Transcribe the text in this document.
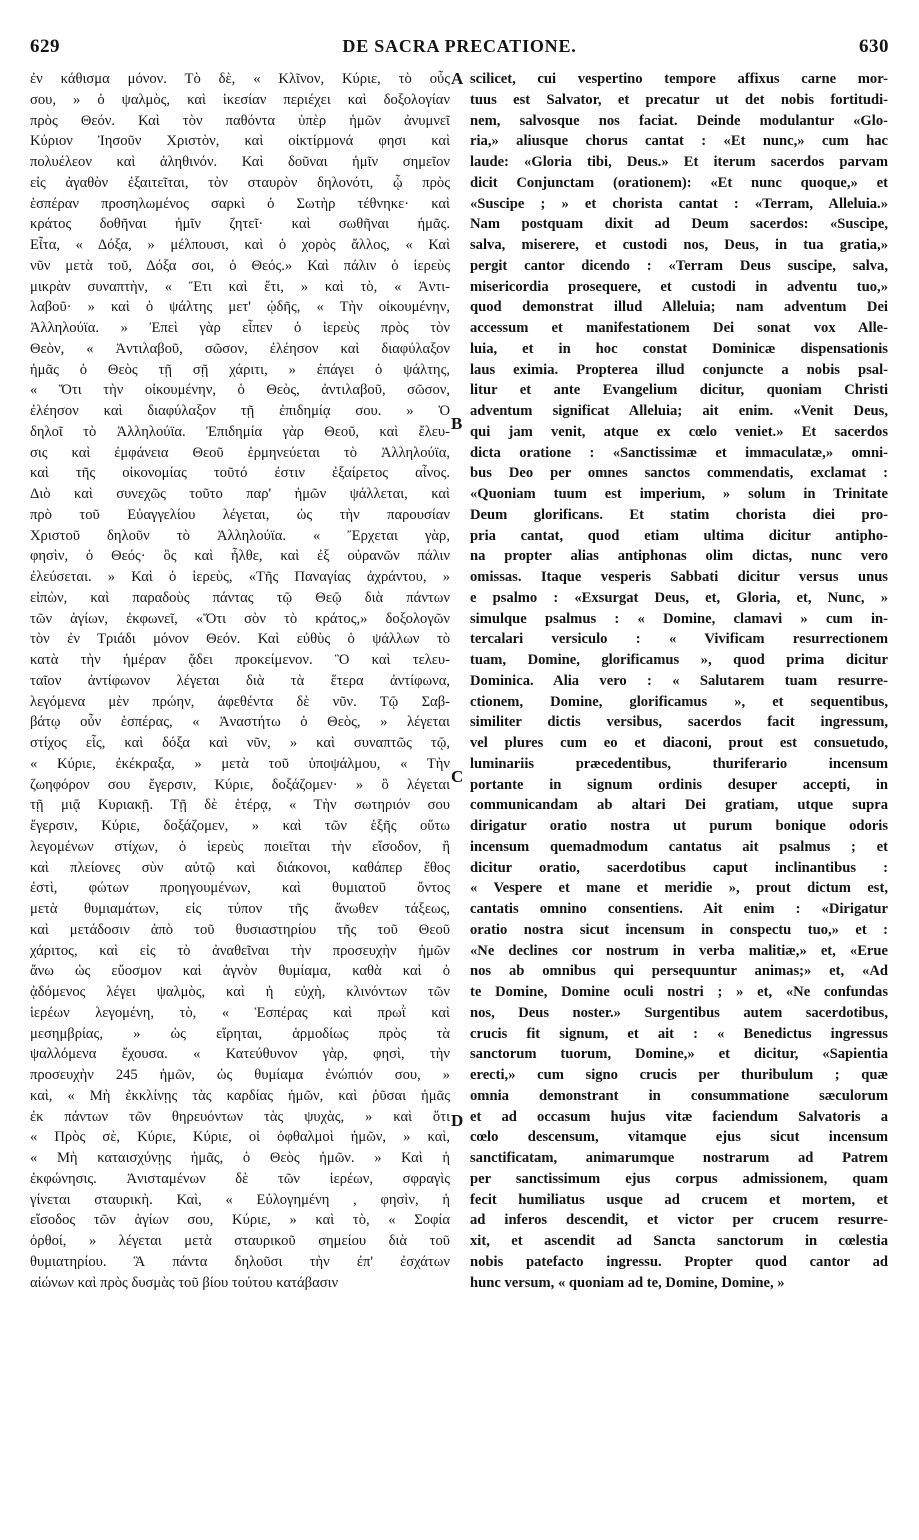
629	DE SACRA PRECATIONE.	630
ἐν κάθισμα μόνον. Τὸ δὲ, « Κλῖνον, Κύριε, τὸ οὖς
σου, » ὁ ψαλμὸς, καὶ ἱκεσίαν περιέχει καὶ δοξολογίαν
πρὸς Θεόν. Καὶ τὸν παθόντα ὑπὲρ ἡμῶν ἀνυμνεῖ
Κύριον Ἰησοῦν Χριστὸν, καὶ οἰκτίρμονά φησι καὶ
πολυέλεον καὶ ἀληθινόν. Καὶ δοῦναι ἡμῖν σημεῖον
εἰς ἀγαθὸν ἐξαιτεῖται, τὸν σταυρὸν δηλονότι, ᾧ πρὸς
ἑσπέραν προσηλωμένος σαρκὶ ὁ Σωτὴρ τέθνηκε· καὶ
κράτος δοθῆναι ἡμῖν ζητεῖ· καὶ σωθῆναι ἡμᾶς.
Εἶτα, « Δόξα, » μέλπουσι, καὶ ὁ χορὸς ἄλλος, « Καὶ
νῦν μετὰ τοῦ, Δόξα σοι, ὁ Θεός.» Καὶ πάλιν ὁ ἱερεὺς
μικρὰν συναπτὴν, « Ἔτι καὶ ἔτι, » καὶ τὸ, « Ἀντι-
λαβοῦ· » καὶ ὁ ψάλτης μετ' ᾠδῆς, « Τὴν οἰκουμένην,
Ἀλληλούϊα. » Ἐπεὶ γὰρ εἶπεν ὁ ἱερεὺς πρὸς τὸν
Θεὸν, « Ἀντιλαβοῦ, σῶσον, ἐλέησον καὶ διαφύλαξον
ἡμᾶς ὁ Θεὸς τῇ σῇ χάριτι, » ἐπάγει ὁ ψάλτης,
« Ὅτι τὴν οἰκουμένην, ὁ Θεὸς, ἀντιλαβοῦ, σῶσον,
ἐλέησον καὶ διαφύλαξον τῇ ἐπιδημίᾳ σου. » Ὁ
δηλοῖ τὸ Ἀλληλούϊα. Ἐπιδημία γὰρ Θεοῦ, καὶ ἔλευ-
σις καὶ ἐμφάνεια Θεοῦ ἑρμηνεύεται τὸ Ἀλληλούϊα,
καὶ τῆς οἰκονομίας τοῦτό ἐστιν ἐξαίρετος αἶνος.
Διὸ καὶ συνεχῶς τοῦτο παρ' ἡμῶν ψάλλεται, καὶ
πρὸ τοῦ Εὐαγγελίου λέγεται, ὡς τὴν παρουσίαν
Χριστοῦ δηλοῦν τὸ Ἀλληλούϊα. « Ἔρχεται γὰρ,
φησὶν, ὁ Θεός· ὃς καὶ ἦλθε, καὶ ἐξ οὐρανῶν πάλιν
ἐλεύσεται. » Καὶ ὁ ἱερεὺς, «Τῆς Παναγίας ἀχράντου, »
εἰπὼν, καὶ παραδοὺς πάντας τῷ Θεῷ διὰ πάντων
τῶν ἁγίων, ἐκφωνεῖ, «Ὅτι σὸν τὸ κράτος,» δοξολογῶν
τὸν ἐν Τριάδι μόνον Θεόν. Καὶ εὐθὺς ὁ ψάλλων τὸ
κατὰ τὴν ἡμέραν ᾄδει προκείμενον. Ὃ καὶ τελευ-
ταῖον ἀντίφωνον λέγεται διὰ τὰ ἕτερα ἀντίφωνα,
λεγόμενα μὲν πρώην, ἀφεθέντα δὲ νῦν. Τῷ Σαβ-
βάτῳ οὖν ἑσπέρας, « Ἀναστήτω ὁ Θεὸς, » λέγεται
στίχος εἷς, καὶ δόξα καὶ νῦν, » καὶ συναπτῶς τῷ,
« Κύριε, ἐκέκραξα, » μετὰ τοῦ ὑποψάλμου, « Τὴν
ζωηφόρον σου ἔγερσιν, Κύριε, δοξάζομεν· » ὃ λέγεται
τῇ μιᾷ Κυριακῇ. Τῇ δὲ ἑτέρᾳ, « Τὴν σωτηριόν σου
ἔγερσιν, Κύριε, δοξάζομεν, » καὶ τῶν ἑξῆς οὕτω
λεγομένων στίχων, ὁ ἱερεὺς ποιεῖται τὴν εἴσοδον, ἢ
καὶ πλείονες σὺν αὐτῷ καὶ διάκονοι, καθάπερ ἔθος
ἐστὶ, φώτων προηγουμένων, καὶ θυμιατοῦ ὄντος
μετὰ θυμιαμάτων, εἰς τύπον τῆς ἄνωθεν τάξεως,
καὶ μετάδοσιν ἀπὸ τοῦ θυσιαστηρίου τῆς τοῦ Θεοῦ
χάριτος, καὶ εἰς τὸ ἀναθεῖναι τὴν προσευχὴν ἡμῶν
ἄνω ὡς εὔοσμον καὶ ἁγνὸν θυμίαμα, καθὰ καὶ ὁ
ᾀδόμενος λέγει ψαλμὸς, καὶ ἡ εὐχὴ, κλινόντων τῶν
ἱερέων λεγομένη, τὸ, « Ἑσπέρας καὶ πρωῒ καὶ
μεσημβρίας, » ὡς εἴρηται, ἁρμοδίως πρὸς τὰ
ψαλλόμενα ἔχουσα. « Κατεύθυνον γὰρ, φησὶ, τὴν
προσευχὴν 245 ἡμῶν, ὡς θυμίαμα ἐνώπιόν σου, »
καὶ, « Μὴ ἐκκλίνῃς τὰς καρδίας ἡμῶν, καὶ ῥῦσαι ἡμᾶς
ἐκ πάντων τῶν θηρευόντων τὰς ψυχὰς, » καὶ ὅτι
« Πρὸς σὲ, Κύριε, Κύριε, οἱ ὀφθαλμοὶ ἡμῶν, » καὶ,
« Μὴ καταισχύνῃς ἡμᾶς, ὁ Θεὸς ἡμῶν. » Καὶ ἡ
ἐκφώνησις. Ἀνισταμένων δὲ τῶν ἱερέων, σφραγὶς
γίνεται σταυρικὴ. Καὶ, « Εὐλογημένη , φησὶν, ἡ
εἴσοδος τῶν ἁγίων σου, Κύριε, » καὶ τὸ, « Σοφία
ὀρθοί, » λέγεται μετὰ σταυρικοῦ σημείου διὰ τοῦ
θυμιατηρίου. Ἃ πάντα δηλοῦσι τὴν ἐπ' ἐσχάτων
αἰώνων καὶ πρὸς δυσμὰς τοῦ βίου τούτου κατάβασιν
scilicet, cui vespertino tempore affixus carne mor-
tuus est Salvator, et precatur ut det nobis fortitudi-
nem, salvosque nos faciat. Deinde modulantur «Glo-
ria,» aliusque chorus cantat : «Et nunc,» cum hac
laude: «Gloria tibi, Deus.» Et iterum sacerdos parvam
dicit Conjunctam (orationem): «Et nunc quoque,» et
«Suscipe ; » et chorista cantat : «Terram, Alleluia.»
Nam postquam dixit ad Deum sacerdos: «Suscipe,
salva, miserere, et custodi nos, Deus, in tua gratia,»
pergit cantor dicendo : «Terram Deus suscipe, salva,
misericordia prosequere, et custodi in adventu tuo,»
quod demonstrat illud Alleluia; nam adventum Dei
accessum et manifestationem Dei sonat vox Alle-
luia, et in hoc constat Dominicæ dispensationis
laus eximia. Propterea illud conjuncte a nobis psal-
litur et ante Evangelium dicitur, quoniam Christi
adventum significat Alleluia; ait enim. «Venit Deus,
qui jam venit, atque ex cœlo veniet.» Et sacerdos
dicta oratione : «Sanctissimæ et immaculatæ,» omni-
bus Deo per omnes sanctos commendatis, exclamat :
«Quoniam tuum est imperium, » solum in Trinitate
Deum glorificans. Et statim chorista diei pro-
pria cantat, quod etiam ultima dicitur antipho-
na propter alias antiphonas olim dictas, nunc vero
omissas. Itaque vesperis Sabbati dicitur versus unus
e psalmo : «Exsurgat Deus, et, Gloria, et, Nunc, »
simulque psalmus : « Domine, clamavi » cum in-
tercalari versiculo : « Vivificam resurrectionem
tuam, Domine, glorificamus », quod prima dicitur
Dominica. Alia vero : « Salutarem tuam resurre-
ctionem, Domine, glorificamus », et sequentibus,
similiter dictis versibus, sacerdos facit ingressum,
vel plures cum eo et diaconi, prout est consuetudo,
luminariis præcedentibus, thuriferario incensum
portante in signum ordinis desuper accepti, in
communicandam ab altari Dei gratiam, utque supra
dirigatur oratio nostra ut purum bonique odoris
incensum quemadmodum cantatus ait psalmus ; et
dicitur oratio, sacerdotibus caput inclinantibus :
« Vespere et mane et meridie », prout dictum est,
cantatis omnino consentiens. Ait enim : «Dirigatur
oratio nostra sicut incensum in conspectu tuo,» et :
«Ne declines cor nostrum in verba malitiæ,» et, «Erue
nos ab omnibus qui persequuntur animas;» et, «Ad
te Domine, Domine oculi nostri ; » et, «Ne confundas
nos, Deus noster.» Surgentibus autem sacerdotibus,
crucis fit signum, et ait : « Benedictus ingressus
sanctorum tuorum, Domine,» et dicitur, «Sapientia
erecti,» cum signo crucis per thuribulum ; quæ
omnia demonstrant in consummatione sæculorum
et ad occasum hujus vitæ faciendum Salvatoris a
cœlo descensum, vitamque ejus sicut incensum
sanctificatam, animarumque nostrarum ad Patrem
per sanctissimum ejus corpus admissionem, quam
fecit humiliatus usque ad crucem et mortem, et
ad inferos descendit, et victor per crucem resurre-
xit, et ascendit ad Sancta sanctorum in cœlestia
nobis patefacto ingressu. Propter quod cantor ad
hunc versum, « quoniam ad te, Domine, Domine, »
A
B
C
D
